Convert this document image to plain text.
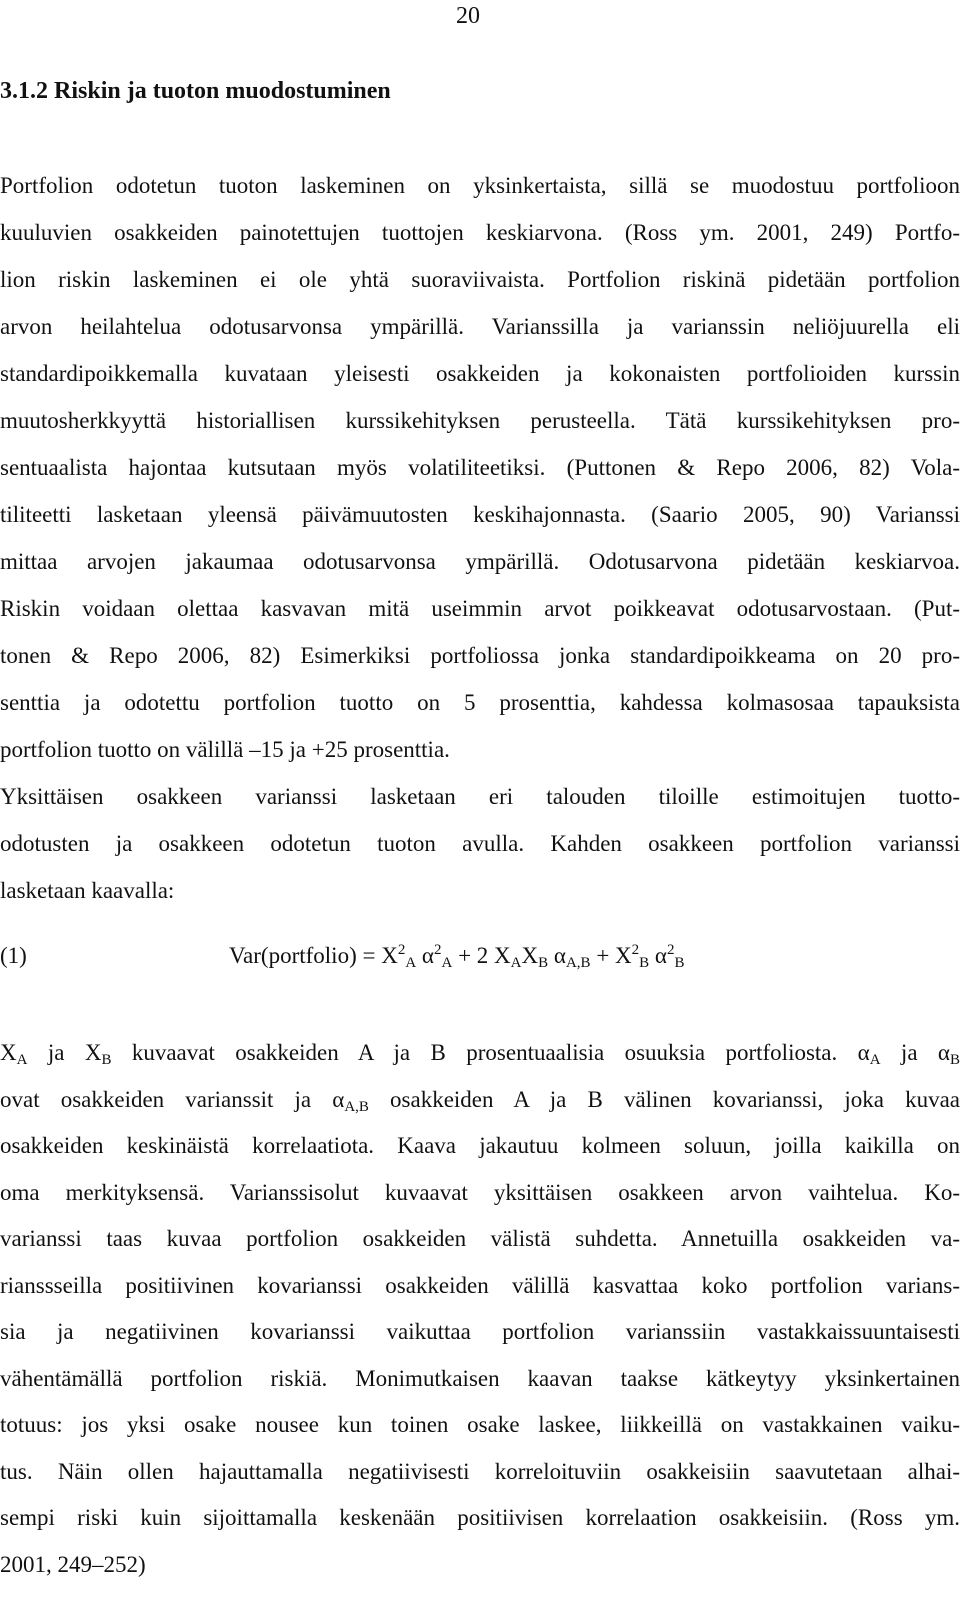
20
3.1.2 Riskin ja tuoton muodostuminen
Portfolion odotetun tuoton laskeminen on yksinkertaista, sillä se muodostuu portfolioon
kuuluvien osakkeiden painotettujen tuottojen keskiarvona. (Ross ym. 2001, 249) Portfo-
lion riskin laskeminen ei ole yhtä suoraviivaista. Portfolion riskinä pidetään portfolion
arvon heilahtelua odotusarvonsa ympärillä. Varianssilla ja varianssin neliöjuurella eli
standardipoikkemalla kuvataan yleisesti osakkeiden ja kokonaisten portfolioiden kurssin
muutosherkkyyttä historiallisen kurssikehityksen perusteella. Tätä kurssikehityksen pro-
sentuaalista hajontaa kutsutaan myös volatiliteetiksi. (Puttonen & Repo 2006, 82) Vola-
tiliteetti lasketaan yleensä päivämuutosten keskihajonnasta. (Saario 2005, 90) Varianssi
mittaa arvojen jakaumaa odotusarvonsa ympärillä. Odotusarvona pidetään keskiarvoa.
Riskin voidaan olettaa kasvavan mitä useimmin arvot poikkeavat odotusarvostaan. (Put-
tonen & Repo 2006, 82) Esimerkiksi portfoliossa jonka standardipoikkeama on 20 pro-
senttia ja odotettu portfolion tuotto on 5 prosenttia, kahdessa kolmasosaa tapauksista
portfolion tuotto on välillä –15 ja +25 prosenttia.
Yksittäisen osakkeen varianssi lasketaan eri talouden tiloille estimoitujen tuotto-
odotusten ja osakkeen odotetun tuoton avulla. Kahden osakkeen portfolion varianssi
lasketaan kaavalla:
(1)	Var(portfolio) = $X^2_A$ $\alpha^2_A + 2$ $X_AX_B$ $\alpha_{A,B} + X^2_B$ $\alpha^2_B$
$X_A$ ja $X_B$ kuvaavat osakkeiden A ja B prosentuaalisia osuuksia portfoliosta. $\alpha_A$ ja $\alpha_B$
ovat osakkeiden varianssit ja $\alpha_{A,B}$ osakkeiden A ja B välinen kovarianssi, joka kuvaa
osakkeiden keskinäistä korrelaatiota. Kaava jakautuu kolmeen soluun, joilla kaikilla on
oma merkityksensä. Varianssisolut kuvaavat yksittäisen osakkeen arvon vaihtelua. Ko-
varianssi taas kuvaa portfolion osakkeiden välistä suhdetta. Annetuilla osakkeiden va-
rianssseilla positiivinen kovarianssi osakkeiden välillä kasvattaa koko portfolion varians-
sia ja negatiivinen kovarianssi vaikuttaa portfolion varianssiin vastakkaissuuntaisesti
vähentämällä portfolion riskiä. Monimutkaisen kaavan taakse kätkeytyy yksinkertainen
totuus: jos yksi osake nousee kun toinen osake laskee, liikkeillä on vastakkainen vaiku-
tus. Näin ollen hajauttamalla negatiivisesti korreloituviin osakkeisiin saavutetaan alhai-
sempi riski kuin sijoittamalla keskenään positiivisen korrelaation osakkeisiin. (Ross ym.
2001, 249–252)
